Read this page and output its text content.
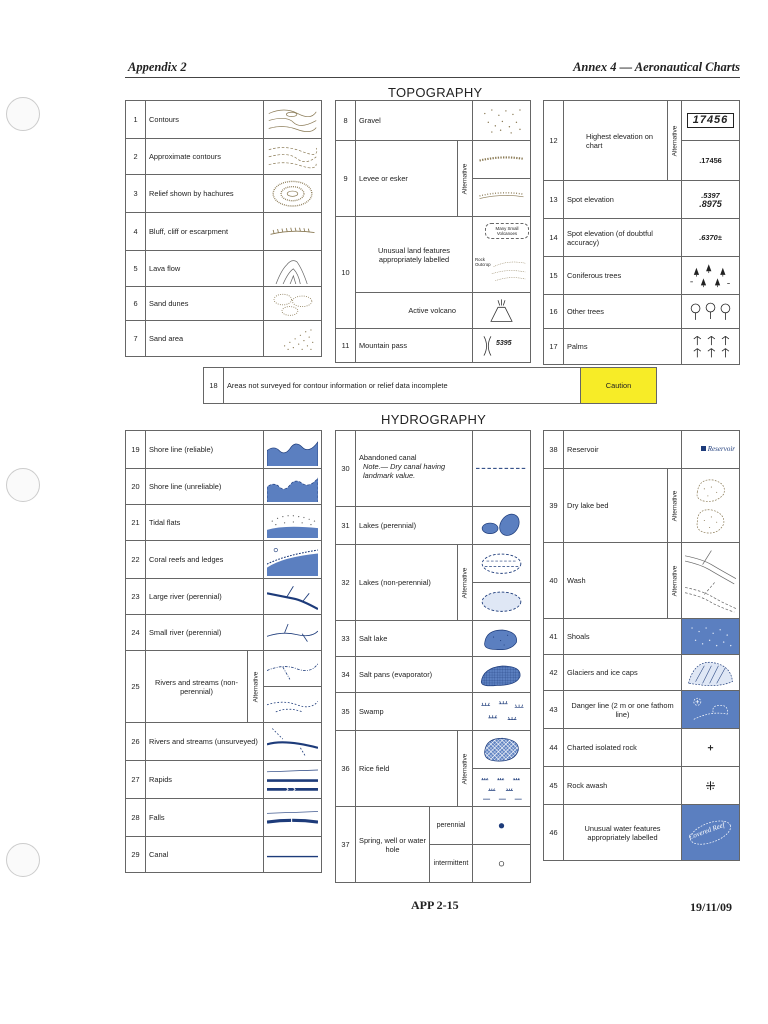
Appendix 2	Annex 4 — Aeronautical Charts
TOPOGRAPHY
1	Contours	

2	Approximate contours	

3	Relief shown by hachures	

4	Bluff, cliff or escarpment	

5	Lava flow	

6	Sand dunes	

7	Sand area	
8	Gravel	

9	Levee or esker	Alternative

10	Unusual land features appropriately labelled		Many Small Volcanoes
Rock Outcrop

	Active volcano	

11	Mountain pass		5395
12	Highest elevation on chart	Alternative	17456

			.17456
13	Spot elevation		.5397
.8975

14	Spot elevation (of doubtful accuracy)		.6370±
15	Coniferous trees	

16	Other trees	

17	Palms	
18	Areas not surveyed for contour information or relief data incomplete	Caution
HYDROGRAPHY
19	Shore line (reliable)	

20	Shore line (unreliable)	

21	Tidal flats	

22	Coral reefs and ledges	

23	Large river (perennial)	

24	Small river (perennial)	

25	Rivers and streams (non-perennial)	Alternative

26	Rivers and streams (unsurveyed)	

27	Rapids	

28	Falls	

29	Canal	
30	Abandoned canal
Note.— Dry canal having landmark value.

31	Lakes (perennial)	

32	Lakes (non-perennial)		Alternative

33	Salt lake	

34	Salt pans (evaporator)	

35	Swamp	

36	Rice field		Alternative

37	Spring, well or water hole	perennial	

		intermittent	
38	Reservoir		Reservoir
39	Dry lake bed	Alternative

40	Wash	Alternative

41	Shoals	

42	Glaciers and ice caps	

43	Danger line (2 m or one fathom line)	

44	Charted isolated rock	

45	Rock awash	

46	Unusual water features appropriately labelled		Covered Reef
APP 2-15	19/11/09
